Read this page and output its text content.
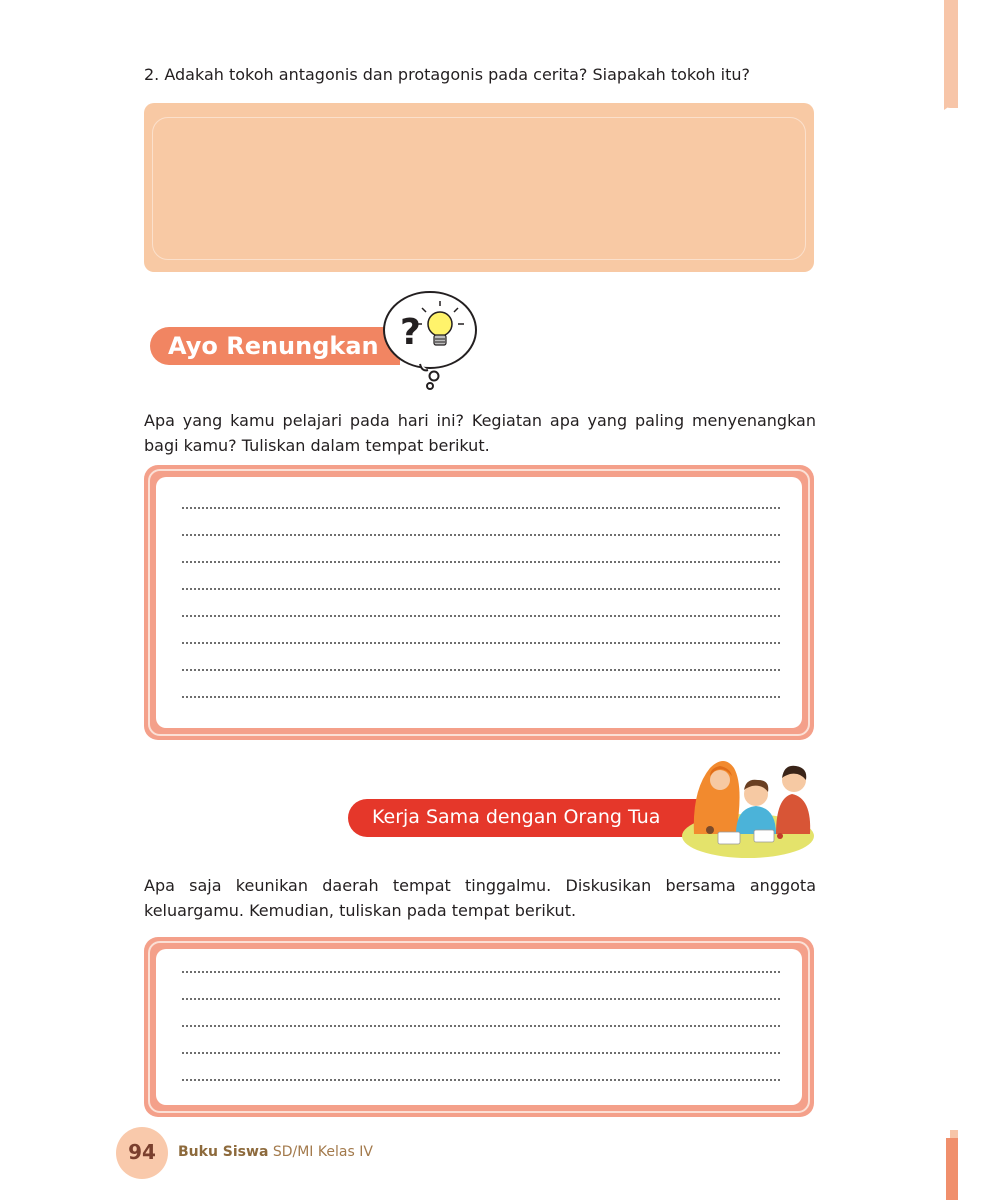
2. Adakah tokoh antagonis dan protagonis pada cerita? Siapakah tokoh itu?
Ayo Renungkan ?
Apa yang kamu pelajari pada hari ini? Kegiatan apa yang paling menyenangkan bagi kamu? Tuliskan dalam tempat berikut.
Kerja Sama dengan Orang Tua
Apa saja keunikan daerah tempat tinggalmu. Diskusikan bersama anggota keluargamu. Kemudian, tuliskan pada tempat berikut.
94	Buku Siswa SD/MI Kelas IV
